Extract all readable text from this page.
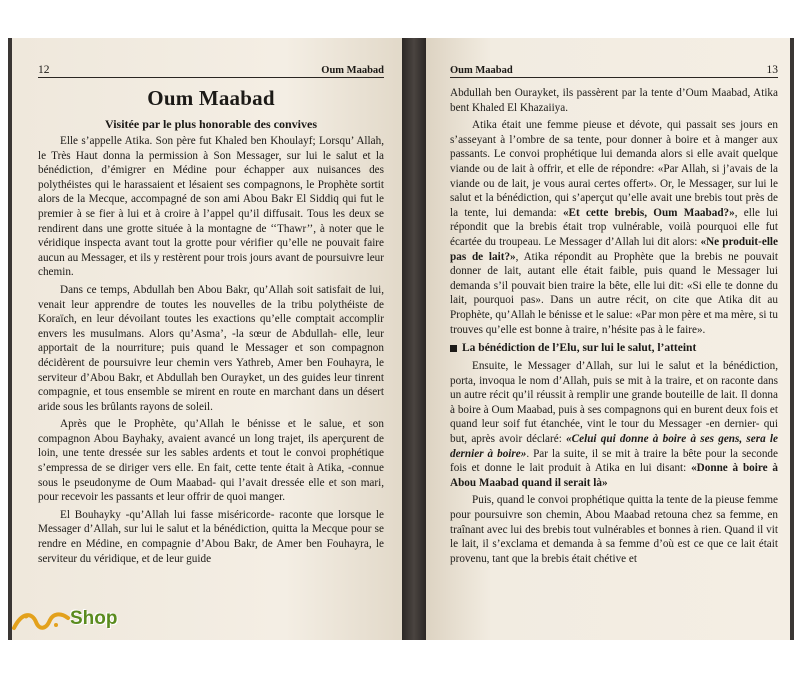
12	Oum Maabad
Oum Maabad
Visitée par le plus honorable des convives

Elle s’appelle Atika. Son père fut Khaled ben Khoulayf; Lorsqu’ Allah, le Très Haut donna la permission à Son Messager, sur lui le salut et la bénédiction, d’émigrer en Médine pour échapper aux nuisances des polythéistes qui le harassaient et lésaient ses compagnons, le Prophète sortit alors de la Mecque, accompagné de son ami Abou Bakr El Siddiq qui fut le premier à se fier à lui et à croire à l’appel qu’il diffusait. Tous les deux se rendirent dans une grotte située à la montagne de ‘‘Thawr’’, à noter que le véridique inspecta avant tout la grotte pour vérifier qu’elle ne pouvait faire aucun au Messager, et ils y restèrent pour trois jours avant de poursuivre leur chemin.

Dans ce temps, Abdullah ben Abou Bakr, qu’Allah soit satisfait de lui, venait leur apprendre de toutes les nouvelles de la tribu polythéiste de Koraïch, en leur dévoilant toutes les exactions qu’elle comptait accomplir envers les musulmans. Alors qu’Asma’, -la sœur de Abdullah- elle, leur apportait de la nourriture; puis quand le Messager et son compagnon décidèrent de poursuivre leur chemin vers Yathreb, Amer ben Fouhayra, le serviteur d’Abou Bakr, et Abdullah ben Ourayket, un des guides leur tinrent compagnie, et tous ensemble se mirent en route en marchant dans un désert aride sous les brûlants rayons de soleil.

Après que le Prophète, qu’Allah le bénisse et le salue, et son compagnon Abou Bayhaky, avaient avancé un long trajet, ils aperçurent de loin, une tente dressée sur les sables ardents et tout le convoi prophétique s’empressa de se diriger vers elle. En fait, cette tente était à Atika, -connue sous le pseudonyme de Oum Maabad- qui l’avait dressée elle et son mari, pour recevoir les passants et leur offrir de quoi manger.

El Bouhayky -qu’Allah lui fasse miséricorde- raconte que lorsque le Messager d’Allah, sur lui le salut et la bénédiction, quitta la Mecque pour se rendre en Médine, en compagnie d’Abou Bakr, de Amer ben Fouhayra, le serviteur du véridique, et de leur guide

Oum Maabad	13

Abdullah ben Ourayket, ils passèrent par la tente d’Oum Maabad, Atika bent Khaled El Khazaiiya.

Atika était une femme pieuse et dévote, qui passait ses jours en s’asseyant à l’ombre de sa tente, pour donner à boire et à manger aux passants. Le convoi prophétique lui demanda alors si elle avait quelque viande ou de lait à offrir, et elle de répondre: «Par Allah, si j’avais de la viande ou de lait, je vous aurai certes offert». Or, le Messager, sur lui le salut et la bénédiction, qui s’aperçut qu’elle avait une brebis tout près de la tente, lui demanda: «Et cette brebis, Oum Maabad?», elle lui répondit que la brebis était trop vulnérable, voilà pourquoi elle fut écartée du troupeau. Le Messager d’Allah lui dit alors: «Ne produit-elle pas de lait?», Atika répondit au Prophète que la brebis ne pouvait donner de lait, autant elle était faible, puis quand le Messager lui demanda s’il pouvait bien traire la bête, elle lui dit: «Si elle te donne du lait, pourquoi pas». Dans un autre récit, on cite que Atika dit au Prophète, qu’Allah le bénisse et le salue: «Par mon père et ma mère, si tu trouves qu’elle est bonne à traire, n’hésite pas à le faire».

La bénédiction de l’Elu, sur lui le salut, l’atteint

Ensuite, le Messager d’Allah, sur lui le salut et la bénédiction, porta, invoqua le nom d’Allah, puis se mit à la traire, et on raconte dans un autre récit qu’il réussit à remplir une grande bouteille de lait. Il donna à boire à Oum Maabad, puis à ses compagnons qui en burent deux fois et quand leur soif fut étanchée, vint le tour du Messager -en dernier- qui but, après avoir déclaré: «Celui qui donne à boire à ses gens, sera le dernier à boire». Par la suite, il se mit à traire la bête pour la seconde fois et donne le lait produit à Atika en lui disant: «Donne à boire à Abou Maabad quand il serait là»

Puis, quand le convoi prophétique quitta la tente de la pieuse femme pour poursuivre son chemin, Abou Maabad retouna chez sa femme, en traînant avec lui des brebis tout vulnérables et bonnes à rien. Quand il vit le lait, il s’exclama et demanda à sa femme d’où est ce que ce lait était provenu, tant que la brebis était chétive et

Shop
